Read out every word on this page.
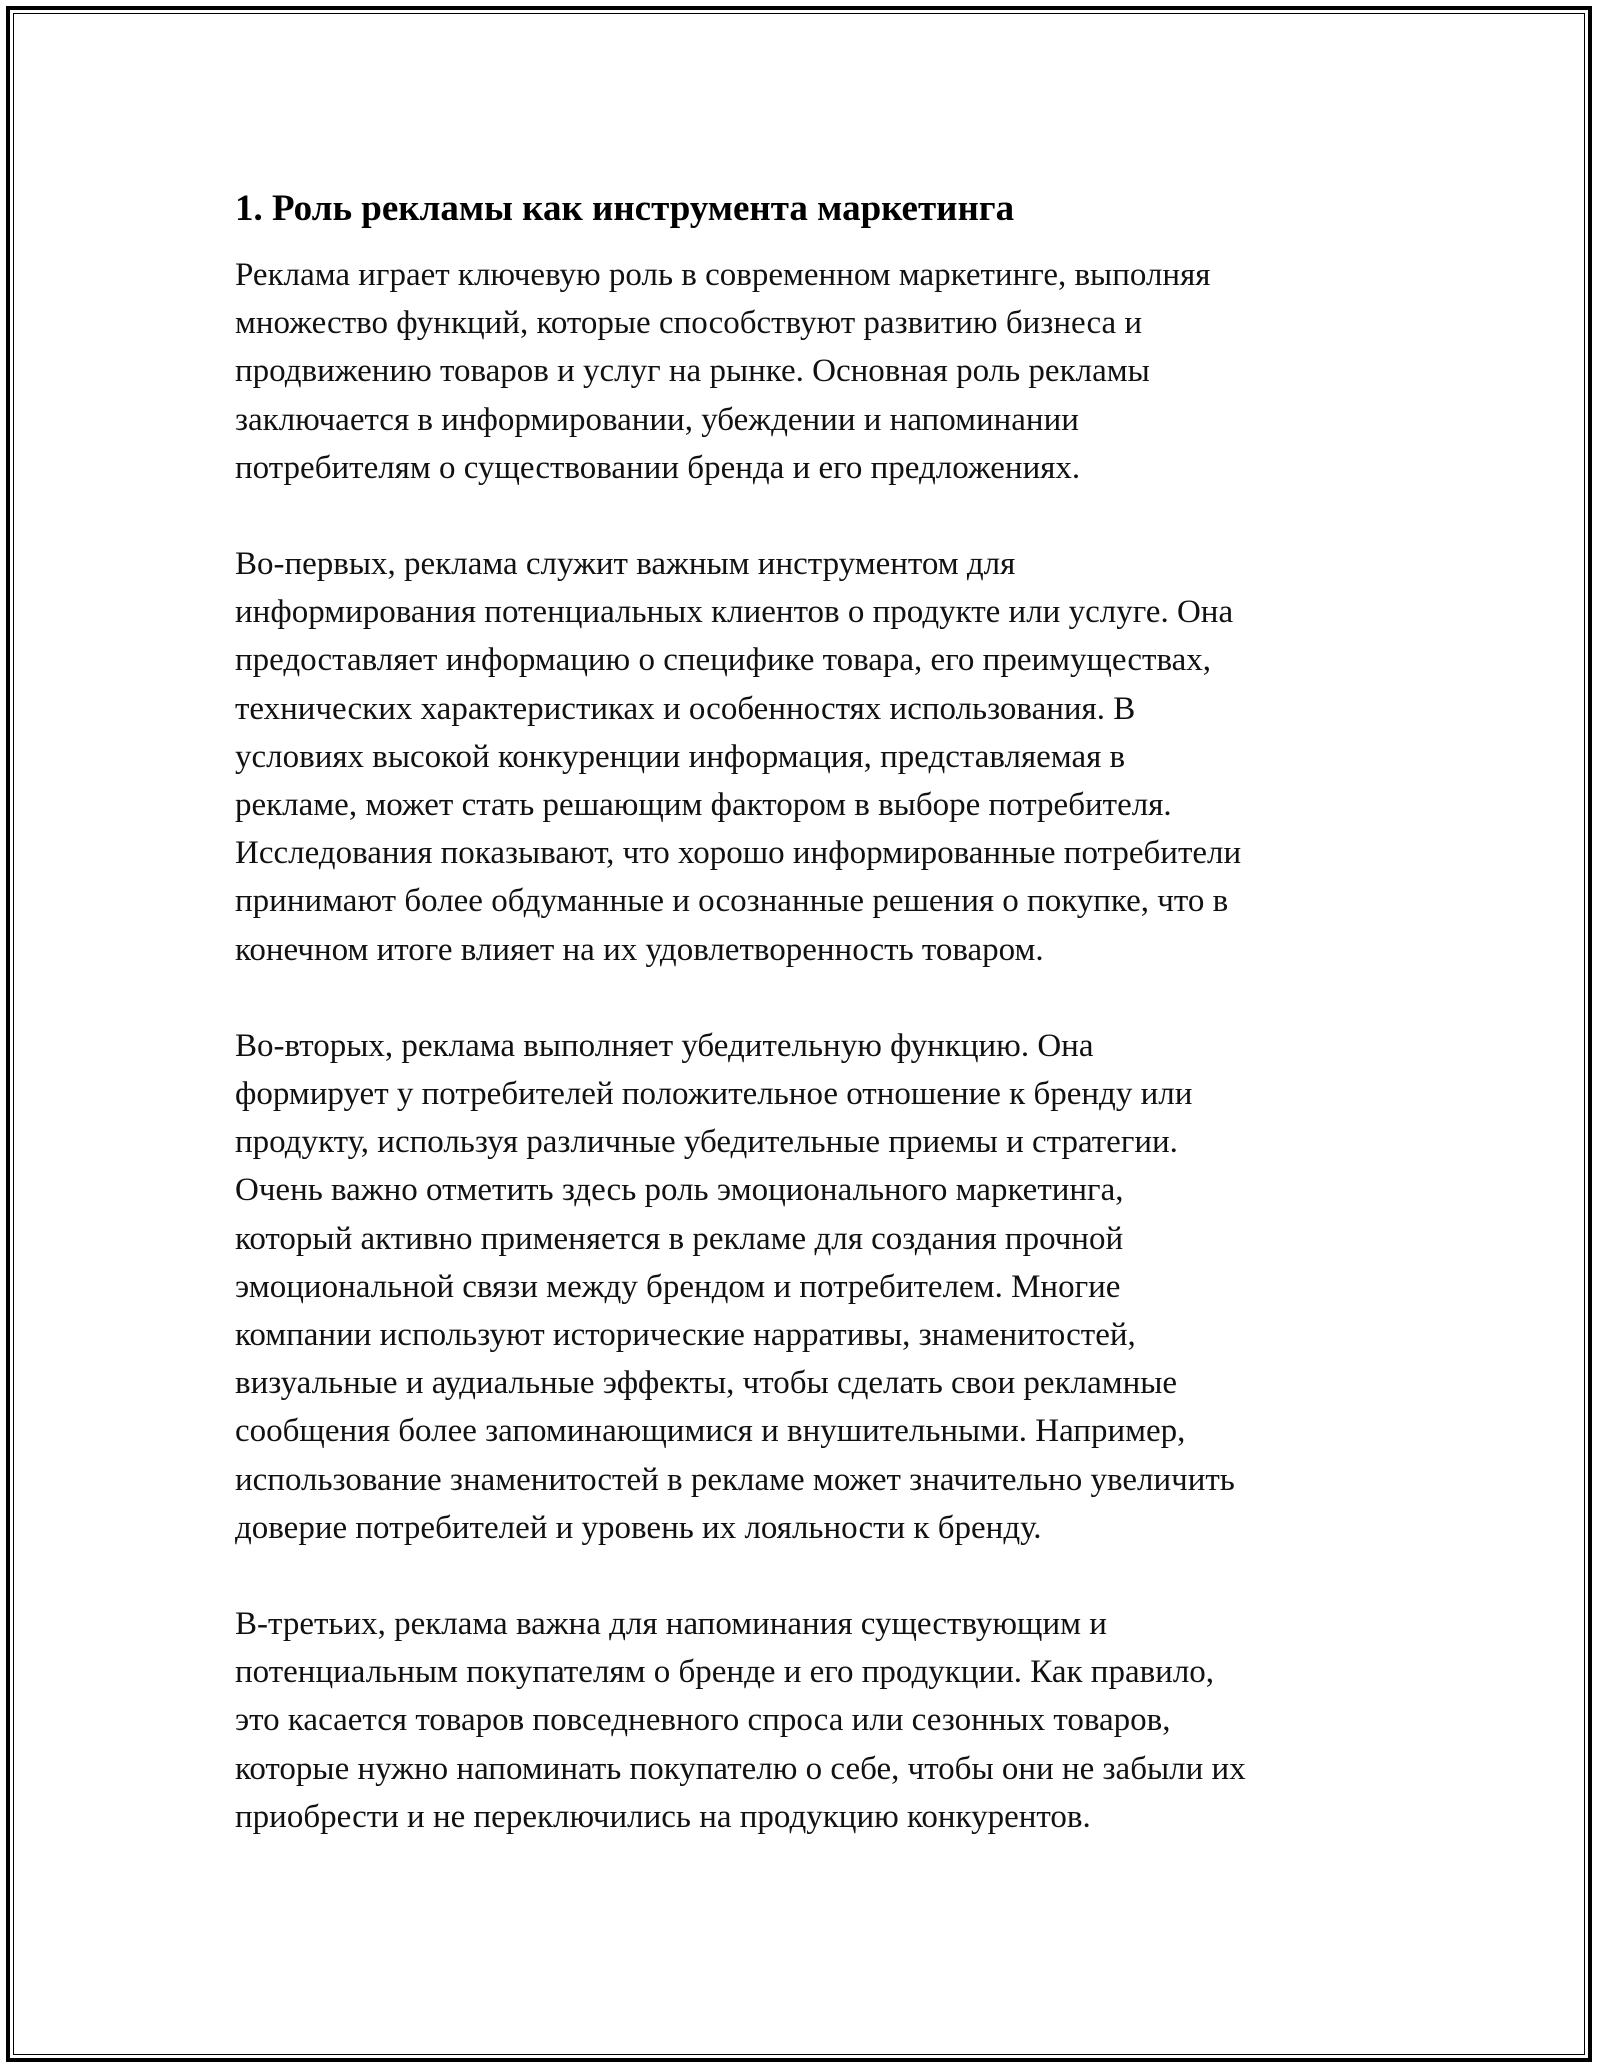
1. Роль рекламы как инструмента маркетинга

Реклама играет ключевую роль в современном маркетинге, выполняя
множество функций, которые способствуют развитию бизнеса и
продвижению товаров и услуг на рынке. Основная роль рекламы
заключается в информировании, убеждении и напоминании
потребителям о существовании бренда и его предложениях.

Во-первых, реклама служит важным инструментом для
информирования потенциальных клиентов о продукте или услуге. Она
предоставляет информацию о специфике товара, его преимуществах,
технических характеристиках и особенностях использования. В
условиях высокой конкуренции информация, представляемая в
рекламе, может стать решающим фактором в выборе потребителя.
Исследования показывают, что хорошо информированные потребители
принимают более обдуманные и осознанные решения о покупке, что в
конечном итоге влияет на их удовлетворенность товаром.

Во-вторых, реклама выполняет убедительную функцию. Она
формирует у потребителей положительное отношение к бренду или
продукту, используя различные убедительные приемы и стратегии.
Очень важно отметить здесь роль эмоционального маркетинга,
который активно применяется в рекламе для создания прочной
эмоциональной связи между брендом и потребителем. Многие
компании используют исторические нарративы, знаменитостей,
визуальные и аудиальные эффекты, чтобы сделать свои рекламные
сообщения более запоминающимися и внушительными. Например,
использование знаменитостей в рекламе может значительно увеличить
доверие потребителей и уровень их лояльности к бренду.

В-третьих, реклама важна для напоминания существующим и
потенциальным покупателям о бренде и его продукции. Как правило,
это касается товаров повседневного спроса или сезонных товаров,
которые нужно напоминать покупателю о себе, чтобы они не забыли их
приобрести и не переключились на продукцию конкурентов.
